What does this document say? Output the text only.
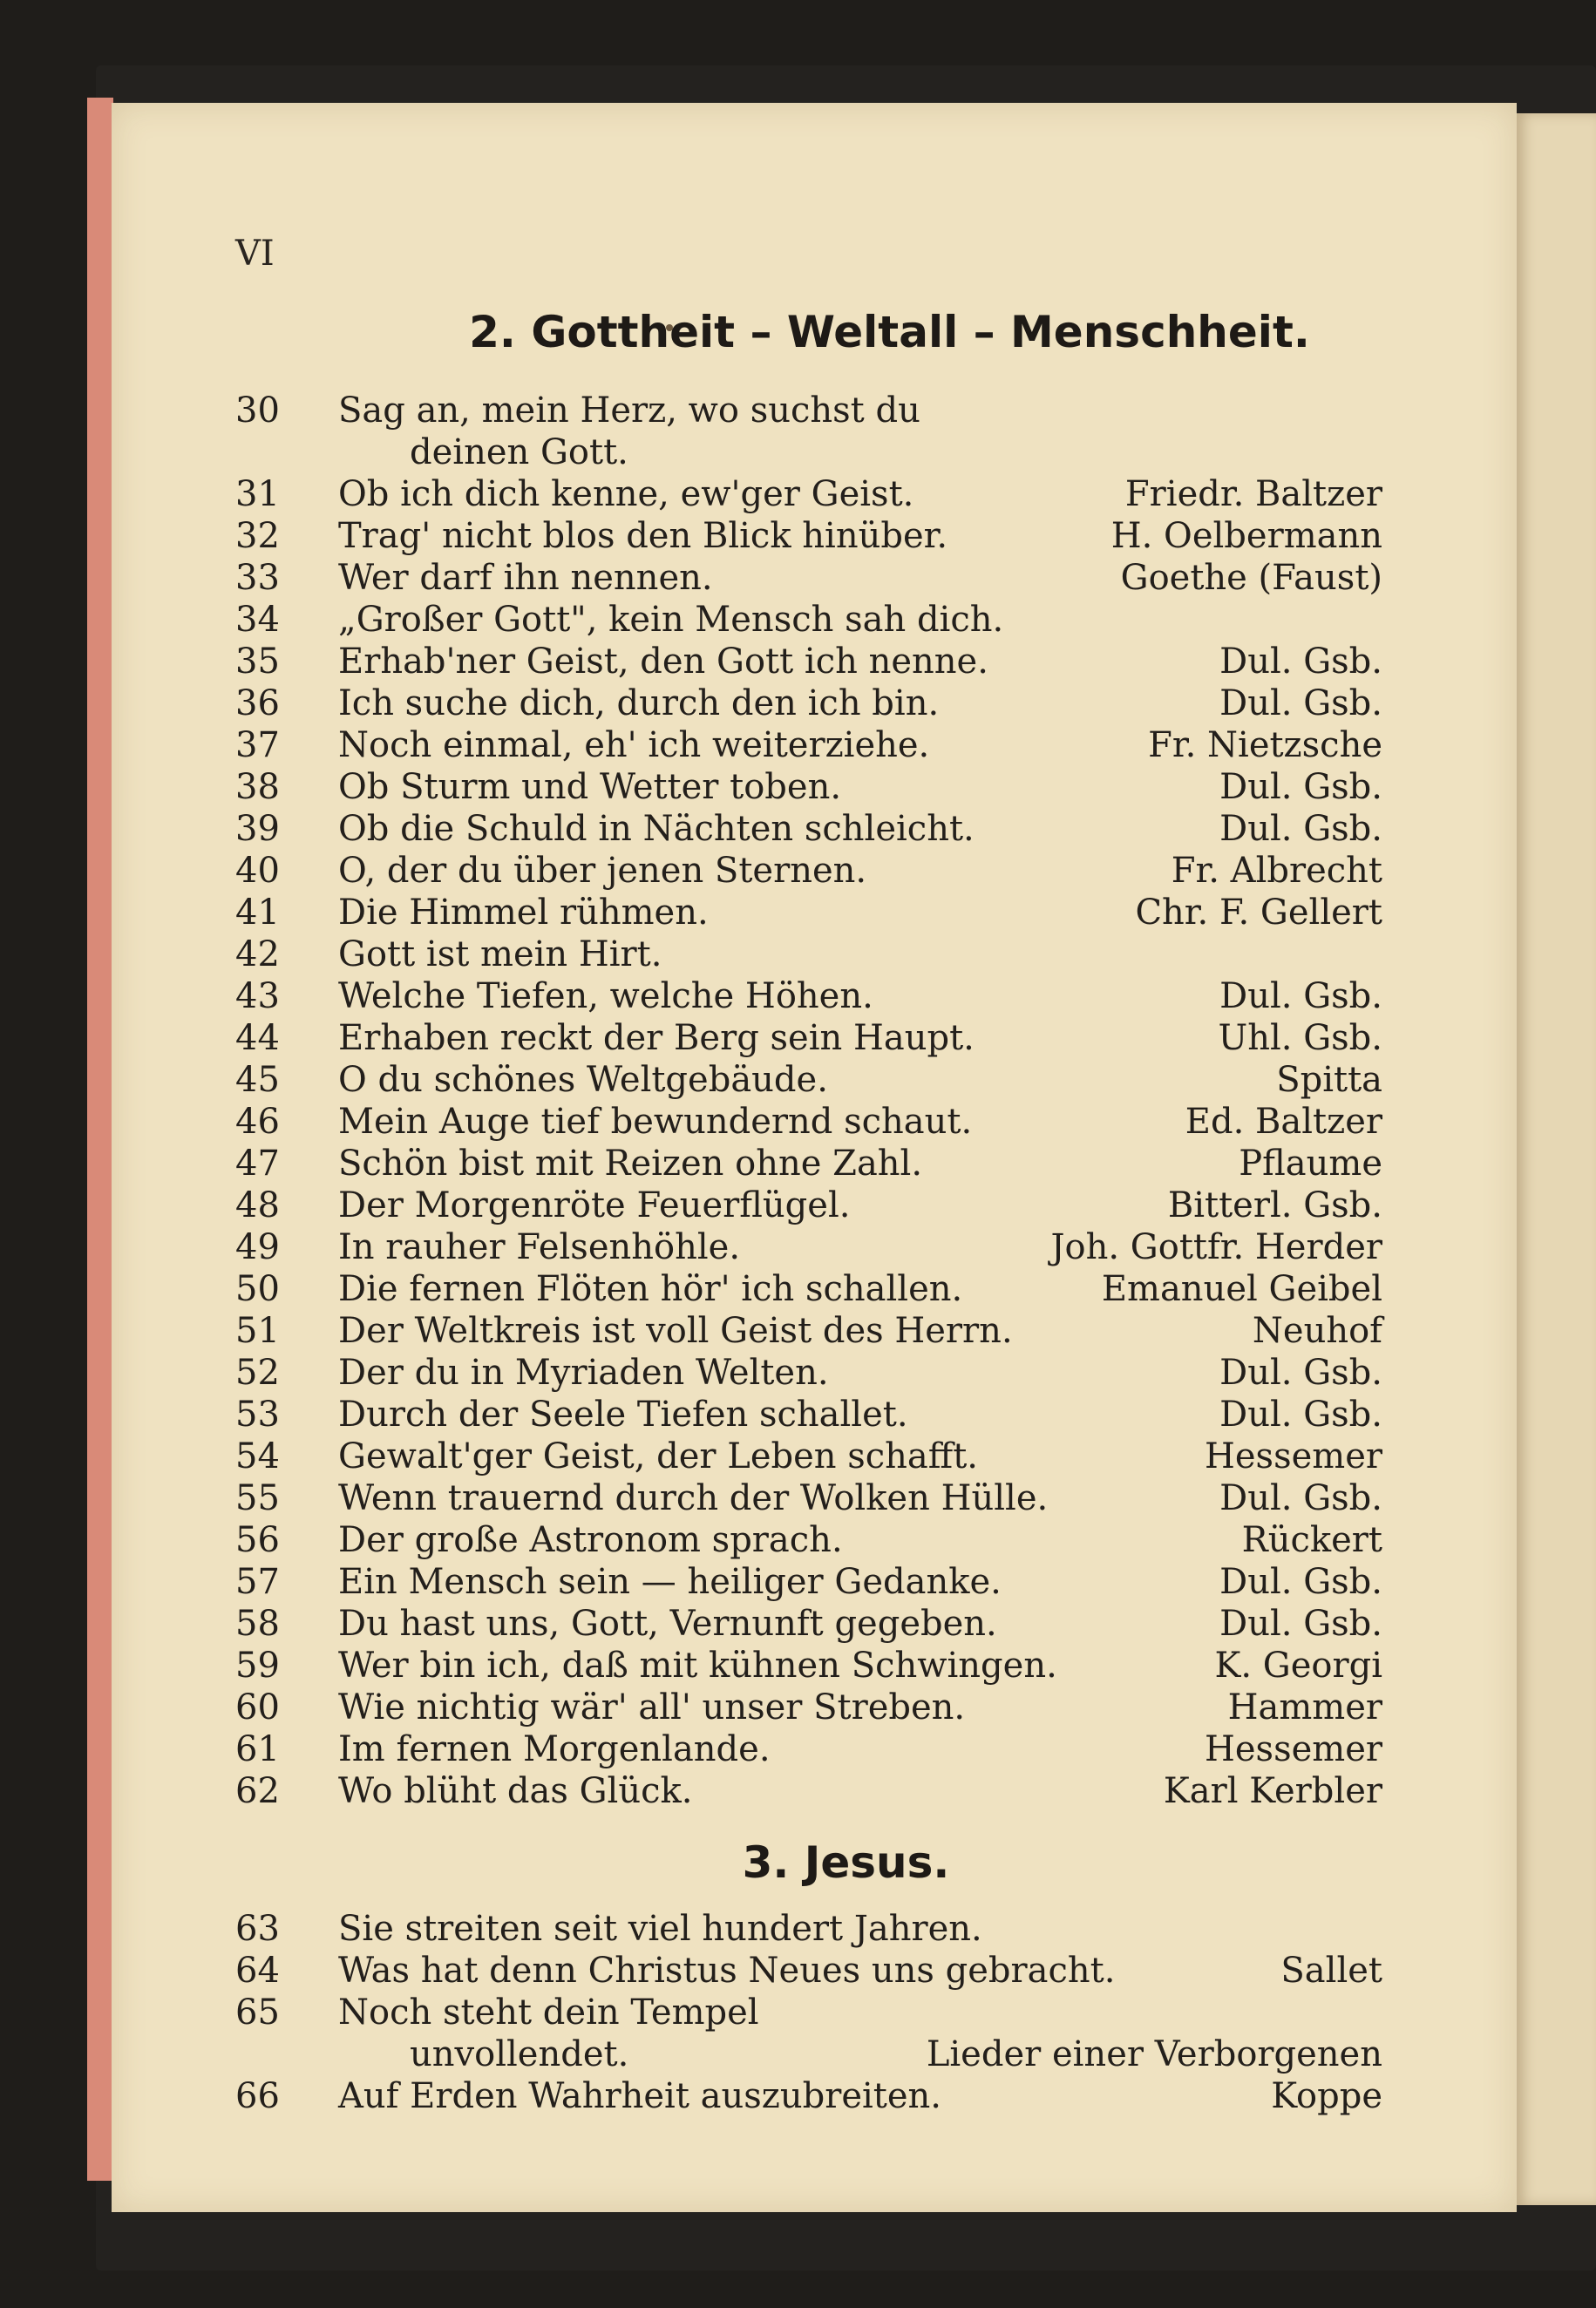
VI
2. Gottheit – Weltall – Menschheit.
3. Jesus.
30 Sag an, mein Herz, wo suchst du
deinen Gott.
31 Ob ich dich kenne, ew'ger Geist.	Friedr. Baltzer
32 Trag' nicht blos den Blick hinüber.	H. Oelbermann
33 Wer darf ihn nennen.	Goethe (Faust)
34 „Großer Gott", kein Mensch sah dich.
35 Erhab'ner Geist, den Gott ich nenne.	Dul. Gsb.
36 Ich suche dich, durch den ich bin.	Dul. Gsb.
37 Noch einmal, eh' ich weiterziehe.	Fr. Nietzsche
38 Ob Sturm und Wetter toben.	Dul. Gsb.
39 Ob die Schuld in Nächten schleicht.	Dul. Gsb.
40 O, der du über jenen Sternen.	Fr. Albrecht
41 Die Himmel rühmen.	Chr. F. Gellert
42 Gott ist mein Hirt.
43 Welche Tiefen, welche Höhen.	Dul. Gsb.
44 Erhaben reckt der Berg sein Haupt.	Uhl. Gsb.
45 O du schönes Weltgebäude.	Spitta
46 Mein Auge tief bewundernd schaut.	Ed. Baltzer
47 Schön bist mit Reizen ohne Zahl.	Pflaume
48 Der Morgenröte Feuerflügel.	Bitterl. Gsb.
49 In rauher Felsenhöhle.	Joh. Gottfr. Herder
50 Die fernen Flöten hör' ich schallen.	Emanuel Geibel
51 Der Weltkreis ist voll Geist des Herrn.	Neuhof
52 Der du in Myriaden Welten.	Dul. Gsb.
53 Durch der Seele Tiefen schallet.	Dul. Gsb.
54 Gewalt'ger Geist, der Leben schafft.	Hessemer
55 Wenn trauernd durch der Wolken Hülle.	Dul. Gsb.
56 Der große Astronom sprach.	Rückert
57 Ein Mensch sein — heiliger Gedanke.	Dul. Gsb.
58 Du hast uns, Gott, Vernunft gegeben.	Dul. Gsb.
59 Wer bin ich, daß mit kühnen Schwingen.	K. Georgi
60 Wie nichtig wär' all' unser Streben.	Hammer
61 Im fernen Morgenlande.	Hessemer
62 Wo blüht das Glück.	Karl Kerbler
63 Sie streiten seit viel hundert Jahren.
64 Was hat denn Christus Neues uns gebracht.	Sallet
65 Noch steht dein Tempel
unvollendet.	Lieder einer Verborgenen
66 Auf Erden Wahrheit auszubreiten.	Koppe
